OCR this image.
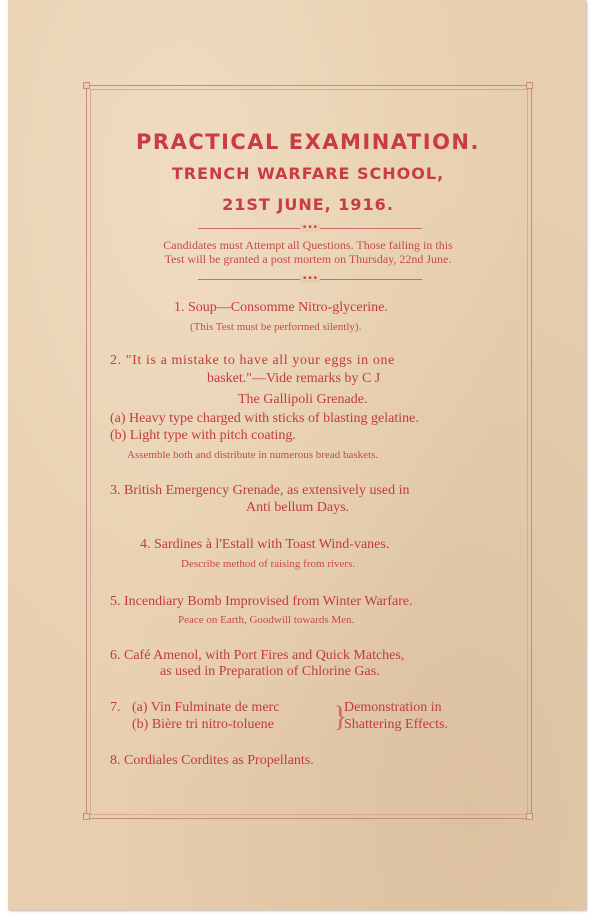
PRACTICAL EXAMINATION.
TRENCH WARFARE SCHOOL,
21ST JUNE, 1916.
•••
Candidates must Attempt all Questions. Those failing in this
Test will be granted a post mortem on Thursday, 22nd June.
•••
1. Soup—Consomme Nitro-glycerine.
(This Test must be performed silently).
2. "It is a mistake to have all your eggs in one
basket."—Vide remarks by C J
The Gallipoli Grenade.
(a) Heavy type charged with sticks of blasting gelatine.
(b) Light type with pitch coating.
Assemble both and distribute in numerous bread baskets.
3. British Emergency Grenade, as extensively used in
Anti bellum Days.
4. Sardines à l'Estall with Toast Wind-vanes.
Describe method of raising from rivers.
5. Incendiary Bomb Improvised from Winter Warfare.
Peace on Earth, Goodwill towards Men.
6. Café Amenol, with Port Fires and Quick Matches,
as used in Preparation of Chlorine Gas.
7. (a) Vin Fulminate de merc
(b) Bière tri nitro-toluene }
Demonstration in
Shattering Effects.
8. Cordiales Cordites as Propellants.
